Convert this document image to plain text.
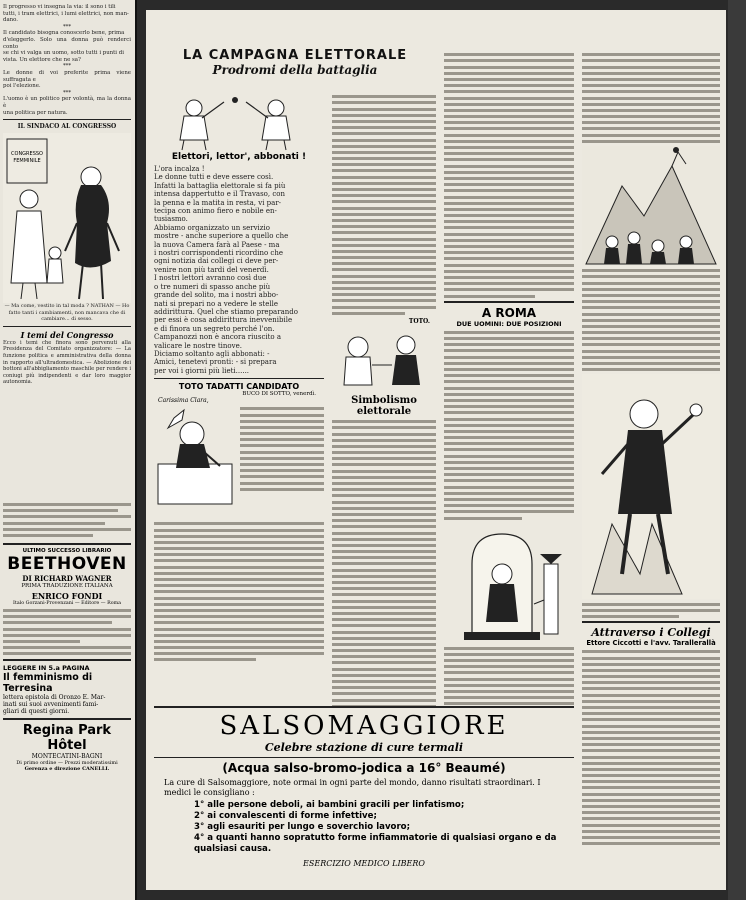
Il progresso vi insegna la via: il sono i tili
tutti, i tram elettrici, i lumi elettrici, non man-
dano.
***
Il candidato bisogna conoscerlo bene, prima
d'eleggerlo. Solo una donna può renderci conto
se chi vi valga un uomo, sotto tutti i punti di
vista. Un elettore che ne sa?
***
Le donne di voi preferite prima viene suffragata e
poi l'elezione.
***
L'uomo è un politico per volontà, ma la donna è
una politica per natura.
IL SINDACO AL CONGRESSO
CONGRESSO
FEMMINILE
— Ma come, vestito in tal moda ? NATHAN — Ho fatto tanti i cambiamenti, non mancava che di cambiare... di sesso.
I temi del Congresso
Ecco i temi che finora sono pervenuti alla Presidenza del Comitato organizzatore: — La funzione politica e amministrativa della donna in rapporto all'ultradomestica. — Abolizione dei bottoni all'abbigliamento maschile per rendere i coniugi più indipendenti e dar loro maggior autonomia.
ULTIMO SUCCESSO LIBRARIO
BEETHOVEN
DI RICHARD WAGNER
PRIMA TRADUZIONE ITALIANA
ENRICO FONDI
Italo Gorzani-Provenzani — Editore — Roma
LEGGERE IN 5.a PAGINA
Il femminismo di Terresina
lettera epistola di Oronzo E. Mar-
inati sui suoi avvenimenti fami-
gliari di questi giorni.
Regina Park Hôtel
MONTECATINI-BAGNI
Di primo ordine — Prezzi moderatissimi
Gerenza e direzione CANELLI.
LA CAMPAGNA ELETTORALE
Prodromi della battaglia
Elettori, lettor', abbonati !
L'ora incalza !
Le donne tutti e deve essere così.
Infatti la battaglia elettorale si fa più
intensa dappertutto e il Travaso, con
la penna e la matita in resta, vi par-
tecipa con animo fiero e nobile en-
tusiasmo.
Abbiamo organizzato un servizio
mostre - anche superiore a quello che
la nuova Camera farà al Paese - ma
i nostri corrispondenti ricordino che
ogni notizia dai collegi ci deve per-
venire non più tardi del venerdì.
I nostri lettori avranno così due
o tre numeri di spasso anche più
grande del solito, ma i nostri abbo-
nati si prepari no a vedere le stelle
addirittura. Quel che stiamo preparando
per essi è cosa addirittura inevvenibile
e di finora un segreto perché l'on.
Campanozzi non è ancora riuscito a
valicare le nostre tinove.
Diciamo soltanto agli abbonati: -
Amici, tenetevi pronti: - si prepara
per voi i giorni più lieti......
TOTO TADATTI CANDIDATO
BUCO DI SOTTO, venerdì.
Carissima Clara,
TOTO.
Simbolismo elettorale
A ROMA
DUE UOMINI: DUE POSIZIONI
Attraverso i Collegi
Ettore Ciccotti e l'avv. Tarallerallà
SALSOMAGGIORE
Celebre stazione di cure termali
(Acqua salso-bromo-jodica a 16° Beaumé)
La cure di Salsomaggiore, note ormai in ogni parte del mondo, danno risultati straordinari. I medici le consigliano :
1° alle persone deboli, ai bambini gracili per linfatismo;
2° ai convalescenti di forme infettive;
3° agli esauriti per lungo e soverchio lavoro;
4° a quanti hanno sopratutto forme infiammatorie di qualsiasi organo e da qualsiasi causa.
ESERCIZIO MEDICO LIBERO
